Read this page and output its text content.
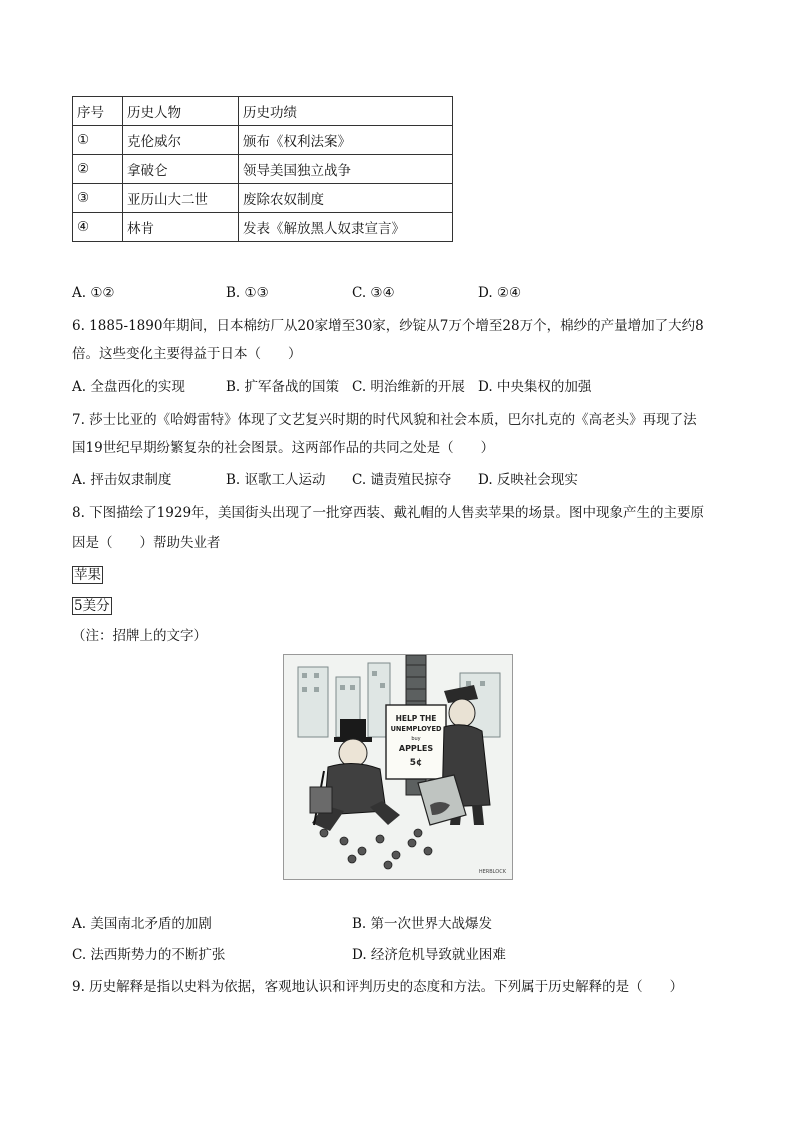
序号	历史人物	历史功绩
①	克伦威尔	颁布《权利法案》
②	拿破仑	领导美国独立战争
③	亚历山大二世	废除农奴制度
④	林肯	发表《解放黑人奴隶宣言》
A. ①②	B. ①③	C. ③④	D. ②④
6. 1885-1890年期间，日本棉纺厂从20家增至30家，纱锭从7万个增至28万个，棉纱的产量增加了大约8
倍。这些变化主要得益于日本（　　）
A. 全盘西化的实现	B. 扩军备战的国策 C. 明治维新的开展 D. 中央集权的加强
7. 莎士比亚的《哈姆雷特》体现了文艺复兴时期的时代风貌和社会本质，巴尔扎克的《高老头》再现了法
国19世纪早期纷繁复杂的社会图景。这两部作品的共同之处是（　　）
A. 抨击奴隶制度	B. 讴歌工人运动 C. 谴责殖民掠夺 D. 反映社会现实
8. 下图描绘了1929年，美国街头出现了一批穿西装、戴礼帽的人售卖苹果的场景。图中现象产生的主要原
因是（　　）帮助失业者
苹果
5美分
（注：招牌上的文字）
HELP THE
UNEMPLOYED
buy
APPLES
5¢
HERBLOCK
A. 美国南北矛盾的加剧	B. 第一次世界大战爆发
C. 法西斯势力的不断扩张	D. 经济危机导致就业困难
9. 历史解释是指以史料为依据，客观地认识和评判历史的态度和方法。下列属于历史解释的是（　　）
